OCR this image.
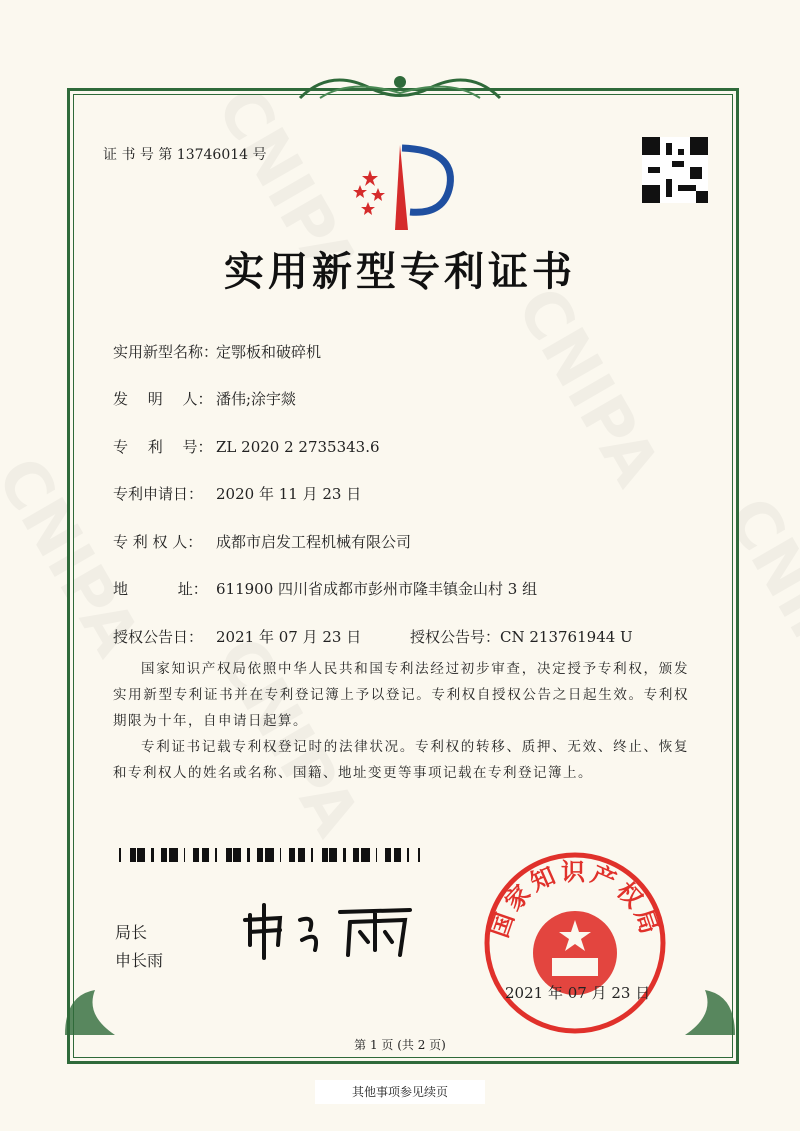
证 书 号 第 13746014 号
实用新型专利证书
实用新型名称：定鄂板和破碎机
发　 明　 人： 潘伟;涂宇燚
专　 利　 号： ZL 2020 2 2735343.6
专利申请日： 2020 年 11 月 23 日
专 利 权 人： 成都市启发工程机械有限公司
地　　　 址： 611900 四川省成都市彭州市隆丰镇金山村 3 组
授权公告日： 2021 年 07 月 23 日	授权公告号：CN 213761944 U
国家知识产权局依照中华人民共和国专利法经过初步审查，决定授予专利权，颁发实用新型专利证书并在专利登记簿上予以登记。专利权自授权公告之日起生效。专利权期限为十年，自申请日起算。
专利证书记载专利权登记时的法律状况。专利权的转移、质押、无效、终止、恢复和专利权人的姓名或名称、国籍、地址变更等事项记载在专利登记簿上。
局长
申长雨
国家知识产权局
2021 年 07 月 23 日
第 1 页 (共 2 页)
其他事项参见续页
